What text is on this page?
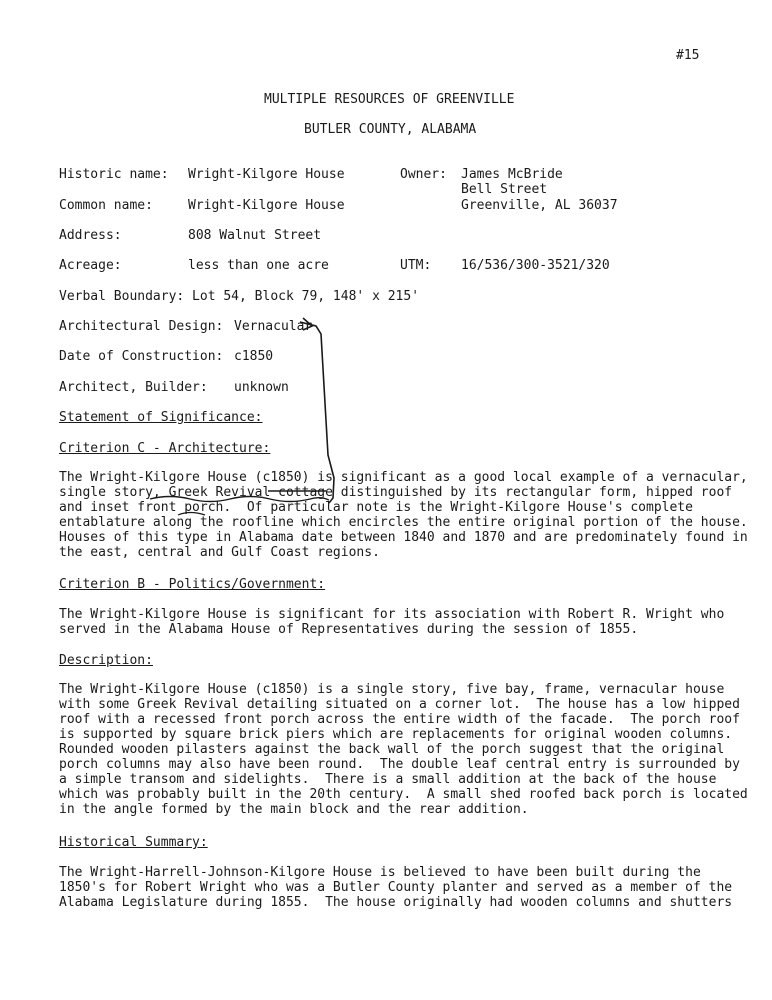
#15
MULTIPLE RESOURCES OF GREENVILLE
BUTLER COUNTY, ALABAMA
Historic name: Wright-Kilgore House	Owner: James McBride
Bell Street
Common name:	Wright-Kilgore House	Greenville, AL 36037
Address:	808 Walnut Street
Acreage:	less than one acre	UTM: 16/536/300-3521/320
Verbal Boundary: Lot 54, Block 79, 148' x 215'
Architectural Design: Vernacular
Date of Construction: c1850
Architect, Builder: unknown
Statement of Significance:
Criterion C - Architecture:
The Wright-Kilgore House (c1850) is significant as a good local example of a vernacular,
single story, Greek Revival cottage distinguished by its rectangular form, hipped roof
and inset front porch.  Of particular note is the Wright-Kilgore House's complete
entablature along the roofline which encircles the entire original portion of the house.
Houses of this type in Alabama date between 1840 and 1870 and are predominately found in
the east, central and Gulf Coast regions.
Criterion B - Politics/Government:
The Wright-Kilgore House is significant for its association with Robert R. Wright who
served in the Alabama House of Representatives during the session of 1855.
Description:
The Wright-Kilgore House (c1850) is a single story, five bay, frame, vernacular house
with some Greek Revival detailing situated on a corner lot.  The house has a low hipped
roof with a recessed front porch across the entire width of the facade.  The porch roof
is supported by square brick piers which are replacements for original wooden columns.
Rounded wooden pilasters against the back wall of the porch suggest that the original
porch columns may also have been round.  The double leaf central entry is surrounded by
a simple transom and sidelights.  There is a small addition at the back of the house
which was probably built in the 20th century.  A small shed roofed back porch is located
in the angle formed by the main block and the rear addition.
Historical Summary:
The Wright-Harrell-Johnson-Kilgore House is believed to have been built during the
1850's for Robert Wright who was a Butler County planter and served as a member of the
Alabama Legislature during 1855.  The house originally had wooden columns and shutters
